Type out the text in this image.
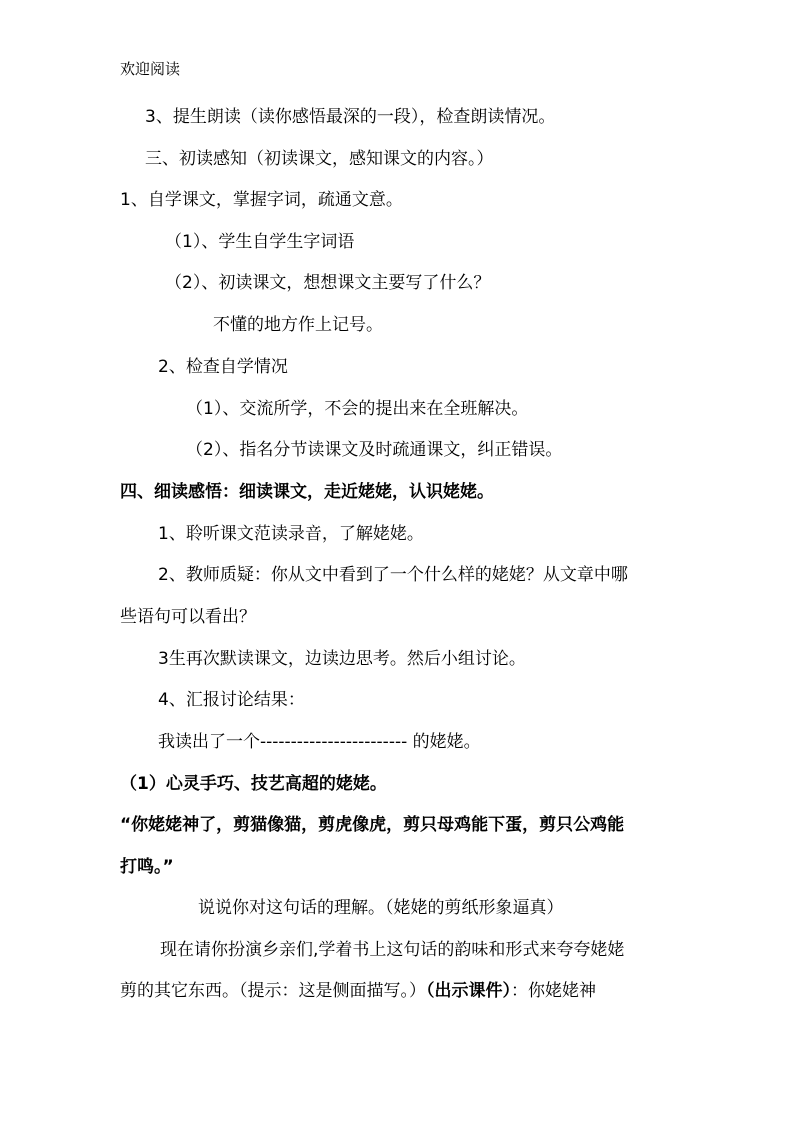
欢迎阅读
3、提生朗读（读你感悟最深的一段），检查朗读情况。
三、初读感知（初读课文，感知课文的内容。）
1、自学课文，掌握字词，疏通文意。
（1）、学生自学生字词语
（2）、初读课文，想想课文主要写了什么？
不懂的地方作上记号。
2、检查自学情况
（1）、交流所学，不会的提出来在全班解决。
（2）、指名分节读课文及时疏通课文，纠正错误。
四、细读感悟：细读课文，走近姥姥，认识姥姥。
1、聆听课文范读录音，了解姥姥。
2、教师质疑：你从文中看到了一个什么样的姥姥？从文章中哪
些语句可以看出？
3生再次默读课文，边读边思考。然后小组讨论。
4、汇报讨论结果：
我读出了一个------------------------ 的姥姥。
（1）心灵手巧、技艺高超的姥姥。
“你姥姥神了，剪猫像猫，剪虎像虎，剪只母鸡能下蛋，剪只公鸡能
打鸣。”
说说你对这句话的理解。（姥姥的剪纸形象逼真）
现在请你扮演乡亲们,学着书上这句话的韵味和形式来夸夸姥姥
剪的其它东西。（提示：这是侧面描写。）（出示课件）：你姥姥神
